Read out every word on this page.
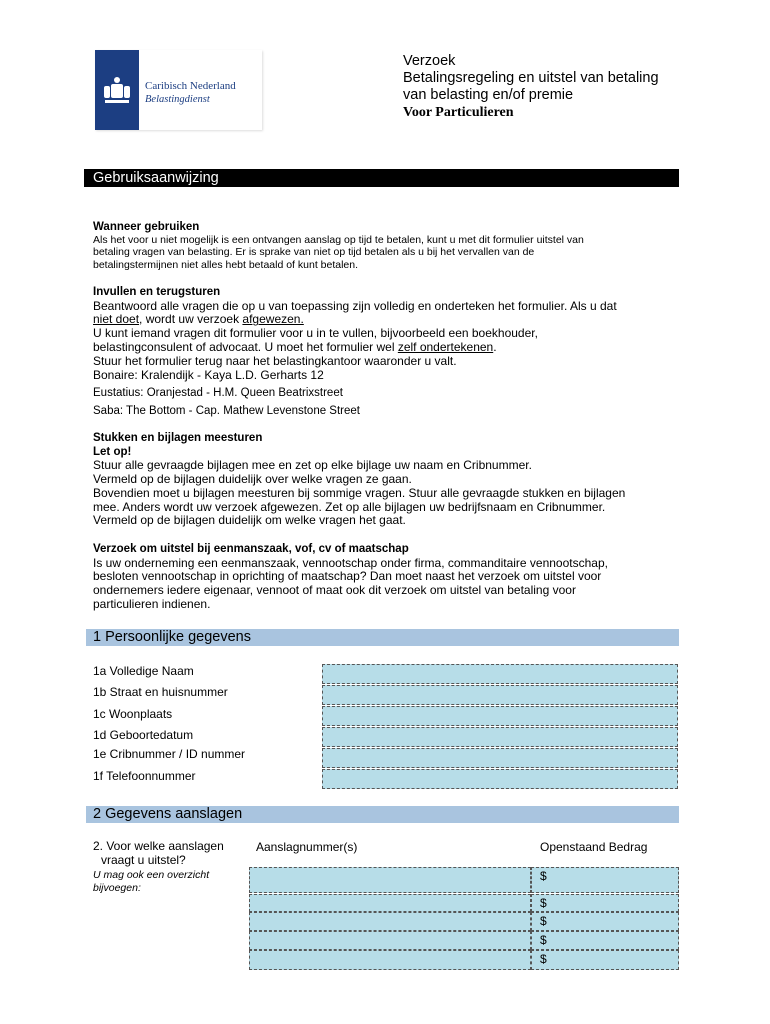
Caribisch Nederland
Belastingdienst
Verzoek
Betalingsregeling en uitstel van betaling
van belasting en/of premie
Voor Particulieren
Gebruiksaanwijzing
Wanneer gebruiken
Als het voor u niet mogelijk is een ontvangen aanslag op tijd te betalen, kunt u met dit formulier uitstel van
betaling vragen van belasting. Er is sprake van niet op tijd betalen als u bij het vervallen van de
betalingstermijnen niet alles hebt betaald of kunt betalen.
Invullen en terugsturen
Beantwoord alle vragen die op u van toepassing zijn volledig en onderteken het formulier. Als u dat
niet doet, wordt uw verzoek afgewezen.
U kunt iemand vragen dit formulier voor u in te vullen, bijvoorbeeld een boekhouder,
belastingconsulent of advocaat. U moet het formulier wel zelf ondertekenen.
Stuur het formulier terug naar het belastingkantoor waaronder u valt.
Bonaire: Kralendijk - Kaya L.D. Gerharts 12
Eustatius: Oranjestad - H.M. Queen Beatrixstreet
Saba: The Bottom - Cap. Mathew Levenstone Street
Stukken en bijlagen meesturen
Let op!
Stuur alle gevraagde bijlagen mee en zet op elke bijlage uw naam en Cribnummer.
Vermeld op de bijlagen duidelijk over welke vragen ze gaan.
Bovendien moet u bijlagen meesturen bij sommige vragen. Stuur alle gevraagde stukken en bijlagen
mee. Anders wordt uw verzoek afgewezen. Zet op alle bijlagen uw bedrijfsnaam en Cribnummer.
Vermeld op de bijlagen duidelijk om welke vragen het gaat.
Verzoek om uitstel bij eenmanszaak, vof, cv of maatschap
Is uw onderneming een eenmanszaak, vennootschap onder firma, commanditaire vennootschap,
besloten vennootschap in oprichting of maatschap? Dan moet naast het verzoek om uitstel voor
ondernemers iedere eigenaar, vennoot of maat ook dit verzoek om uitstel van betaling voor
particulieren indienen.
1 Persoonlijke gegevens
1a Volledige Naam
1b Straat en huisnummer
1c Woonplaats
1d Geboortedatum
1e Cribnummer / ID nummer
1f Telefoonnummer
2 Gegevens aanslagen
2. Voor welke aanslagen
vraagt u uitstel?
U mag ook een overzicht
bijvoegen:
Aanslagnummer(s)	Openstaand Bedrag
$
$
$
$
$
